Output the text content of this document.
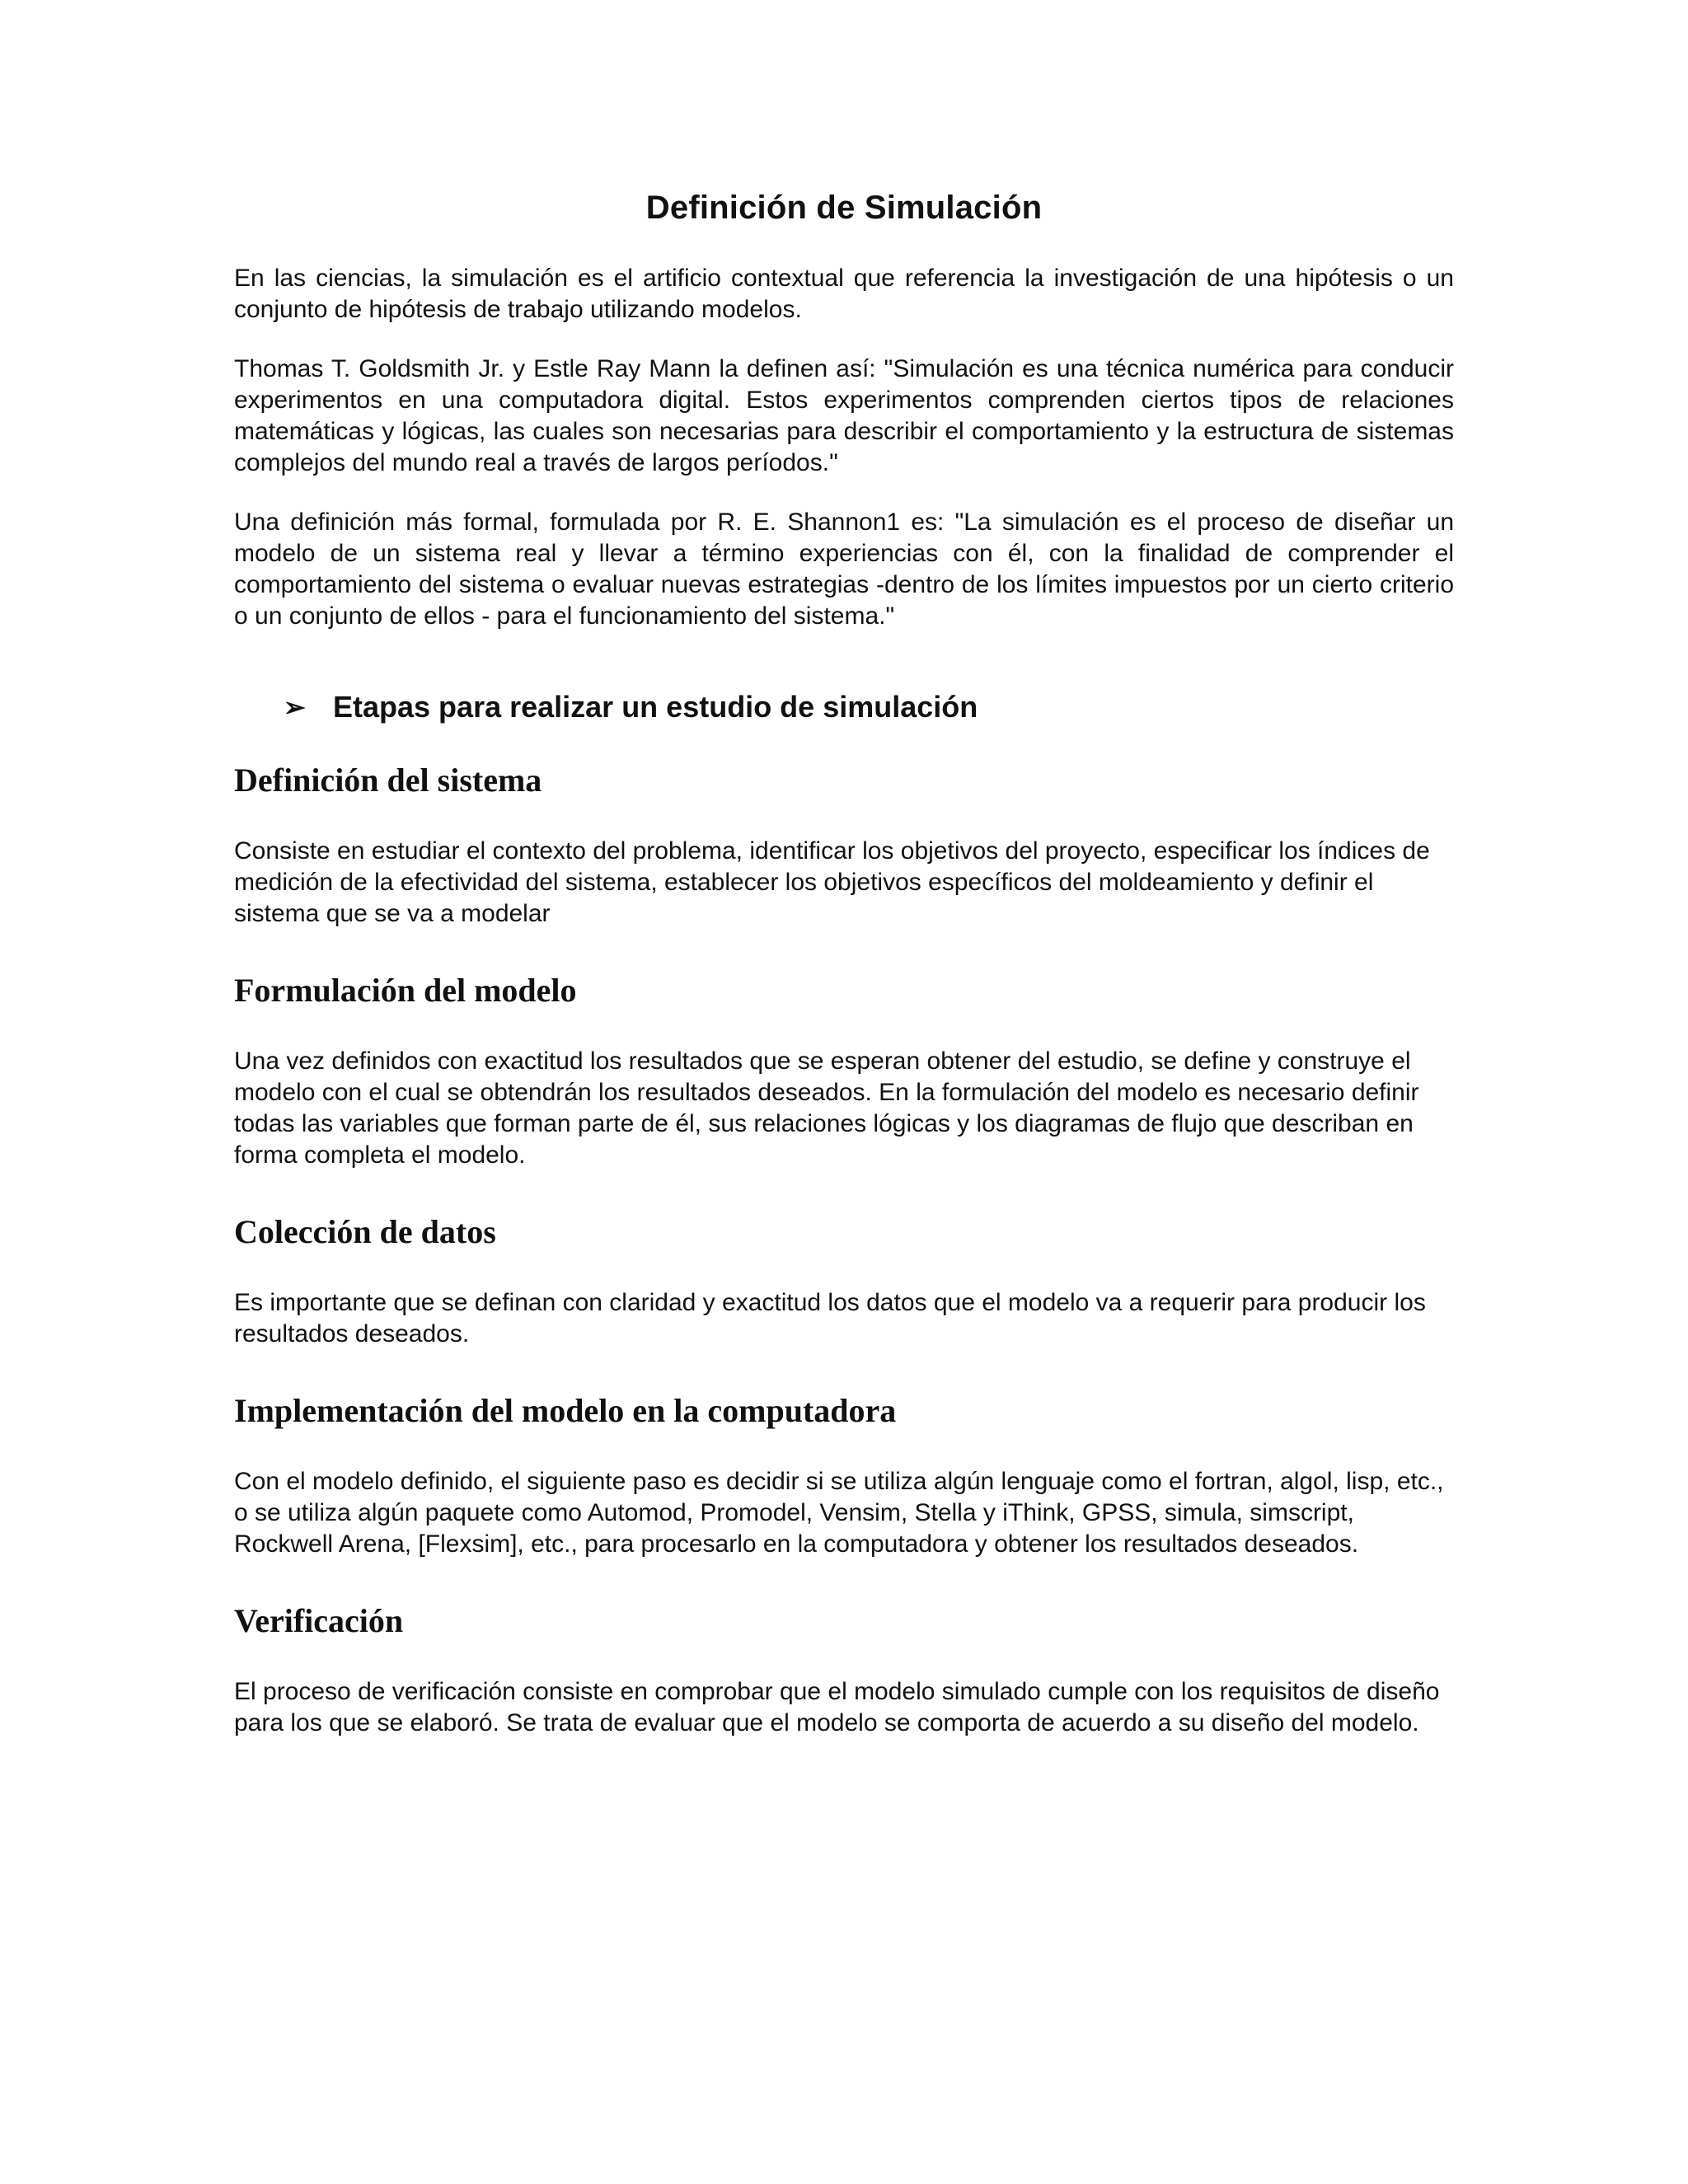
Definición de Simulación

En las ciencias, la simulación es el artificio contextual que referencia la investigación de una hipótesis o un conjunto de hipótesis de trabajo utilizando modelos.

Thomas T. Goldsmith Jr. y Estle Ray Mann la definen así: "Simulación es una técnica numérica para conducir experimentos en una computadora digital. Estos experimentos comprenden ciertos tipos de relaciones matemáticas y lógicas, las cuales son necesarias para describir el comportamiento y la estructura de sistemas complejos del mundo real a través de largos períodos."

Una definición más formal, formulada por R. E. Shannon1 es: "La simulación es el proceso de diseñar un modelo de un sistema real y llevar a término experiencias con él, con la finalidad de comprender el comportamiento del sistema o evaluar nuevas estrategias -dentro de los límites impuestos por un cierto criterio o un conjunto de ellos - para el funcionamiento del sistema."

➢ Etapas para realizar un estudio de simulación
Definición del sistema

Consiste en estudiar el contexto del problema, identificar los objetivos del proyecto, especificar los índices de medición de la efectividad del sistema, establecer los objetivos específicos del moldeamiento y definir el sistema que se va a modelar

Formulación del modelo

Una vez definidos con exactitud los resultados que se esperan obtener del estudio, se define y construye el modelo con el cual se obtendrán los resultados deseados. En la formulación del modelo es necesario definir todas las variables que forman parte de él, sus relaciones lógicas y los diagramas de flujo que describan en forma completa el modelo.

Colección de datos

Es importante que se definan con claridad y exactitud los datos que el modelo va a requerir para producir los resultados deseados.

Implementación del modelo en la computadora

Con el modelo definido, el siguiente paso es decidir si se utiliza algún lenguaje como el fortran, algol, lisp, etc., o se utiliza algún paquete como Automod, Promodel, Vensim, Stella y iThink, GPSS, simula, simscript, Rockwell Arena, [Flexsim], etc., para procesarlo en la computadora y obtener los resultados deseados.

Verificación

El proceso de verificación consiste en comprobar que el modelo simulado cumple con los requisitos de diseño para los que se elaboró. Se trata de evaluar que el modelo se comporta de acuerdo a su diseño del modelo.
